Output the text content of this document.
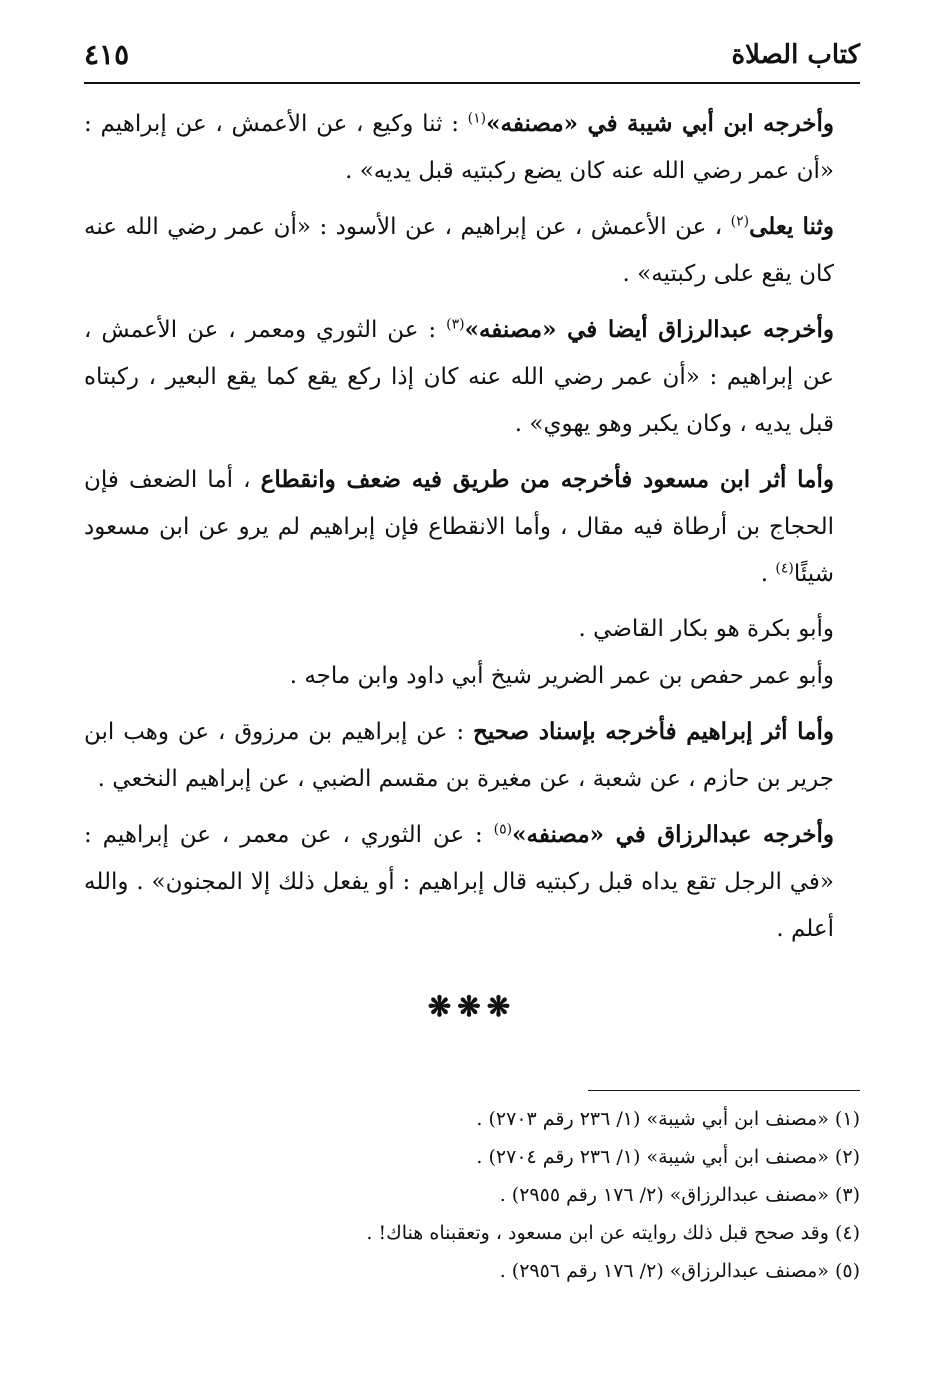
كتاب الصلاة
٤١٥

وأخرجه ابن أبي شيبة في «مصنفه»$^{(١)}$ : ثنا وكيع ، عن الأعمش ، عن إبراهيم : «أن عمر رضي الله عنه كان يضع ركبتيه قبل يديه» .

وثنا يعلى$^{(٢)}$ ، عن الأعمش ، عن إبراهيم ، عن الأسود : «أن عمر رضي الله عنه كان يقع على ركبتيه» .

وأخرجه عبدالرزاق أيضا في «مصنفه»$^{(٣)}$ : عن الثوري ومعمر ، عن الأعمش ، عن إبراهيم : «أن عمر رضي الله عنه كان إذا ركع يقع كما يقع البعير ، ركبتاه قبل يديه ، وكان يكبر وهو يهوي» .

وأما أثر ابن مسعود فأخرجه من طريق فيه ضعف وانقطاع ، أما الضعف فإن الحجاج بن أرطاة فيه مقال ، وأما الانقطاع فإن إبراهيم لم يرو عن ابن مسعود شيئًا$^{(٤)}$ .

وأبو بكرة هو بكار القاضي .

وأبو عمر حفص بن عمر الضرير شيخ أبي داود وابن ماجه .

وأما أثر إبراهيم فأخرجه بإسناد صحيح : عن إبراهيم بن مرزوق ، عن وهب ابن جرير بن حازم ، عن شعبة ، عن مغيرة بن مقسم الضبي ، عن إبراهيم النخعي .

وأخرجه عبدالرزاق في «مصنفه»$^{(٥)}$ : عن الثوري ، عن معمر ، عن إبراهيم : «في الرجل تقع يداه قبل ركبتيه قال إبراهيم : أو يفعل ذلك إلا المجنون» . والله أعلم .

❋❋❋

(١) «مصنف ابن أبي شيبة» (١/ ٢٣٦ رقم ٢٧٠٣) .

(٢) «مصنف ابن أبي شيبة» (١/ ٢٣٦ رقم ٢٧٠٤) .

(٣) «مصنف عبدالرزاق» (٢/ ١٧٦ رقم ٢٩٥٥) .

(٤) وقد صحح قبل ذلك روايته عن ابن مسعود ، وتعقبناه هناك! .

(٥) «مصنف عبدالرزاق» (٢/ ١٧٦ رقم ٢٩٥٦) .
